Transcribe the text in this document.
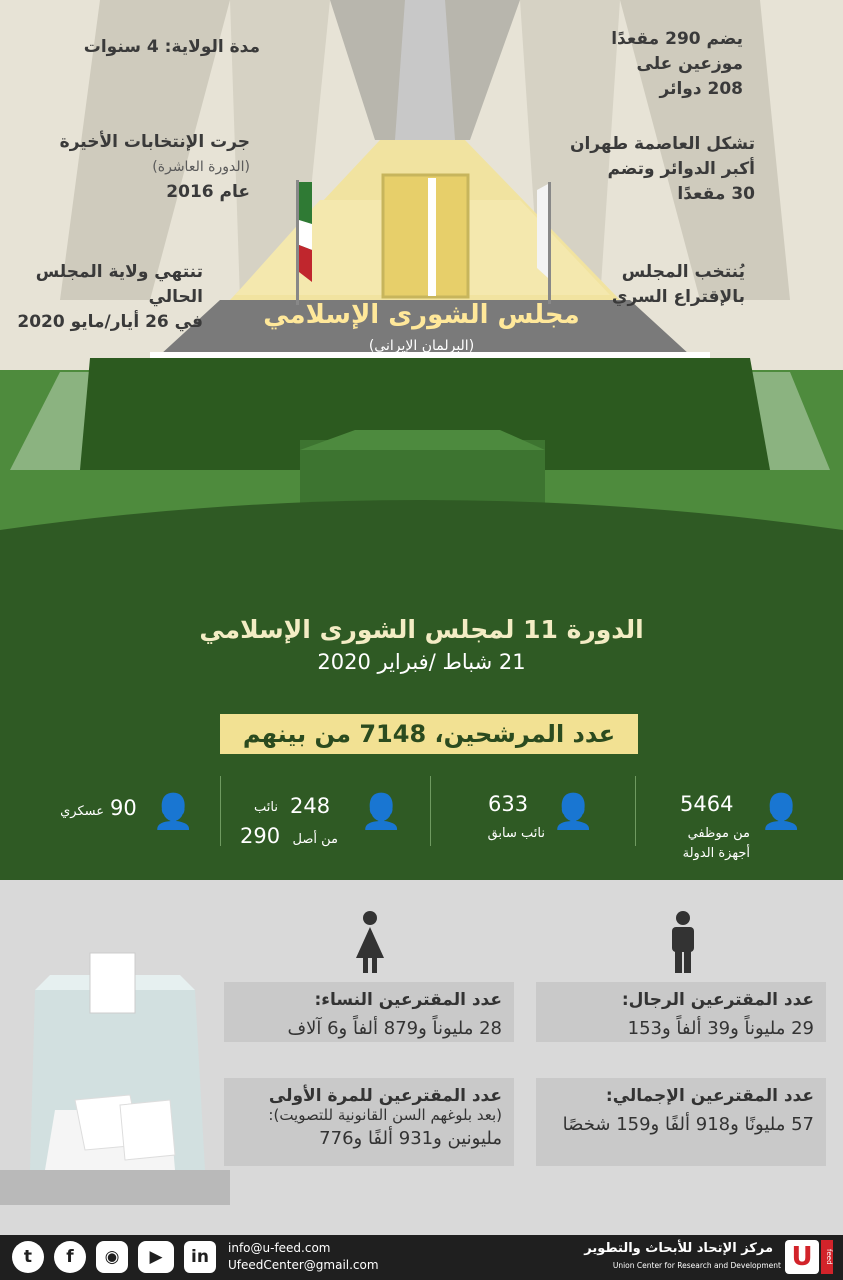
يضم 290 مقعدًا
موزعين على
208 دوائر
تشكل العاصمة طهران
أكبر الدوائر وتضم
30 مقعدًا
يُنتخب المجلس
بالإقتراع السري
مدة الولاية: 4 سنوات
جرت الإنتخابات الأخيرة
(الدورة العاشرة)
عام 2016
تنتهي ولاية المجلس الحالي
في 26 أيار/مايو 2020	مجلس الشورى الإسلامي
(البرلمان الإيراني)
الدورة 11 لمجلس الشورى الإسلامي
21 شباط /فبراير 2020
عدد المرشحين، 7148 من بينهم
👤
5464
من موظفي
أجهزة الدولة
👤
633
نائب سابق
👤
248
نائب
290 من أصل
👤
90
عسكري
عدد المقترعين الرجال:
29 مليوناً و39 ألفاً و153
عدد المقترعين النساء:
28 مليوناً و879 ألفاً و6 آلاف
عدد المقترعين الإجمالي:
57 مليونًا و918 ألفًا و159 شخصًا
عدد المقترعين للمرة الأولى
(بعد بلوغهم السن القانونية للتصويت):
مليونين و931 ألفًا و776
t	f	◉	▶	in	info@u-feed.com
UfeedCenter@gmail.com
مركز الإتحاد للأبحاث والتطوير
Union Center for Research and Development U	feed
